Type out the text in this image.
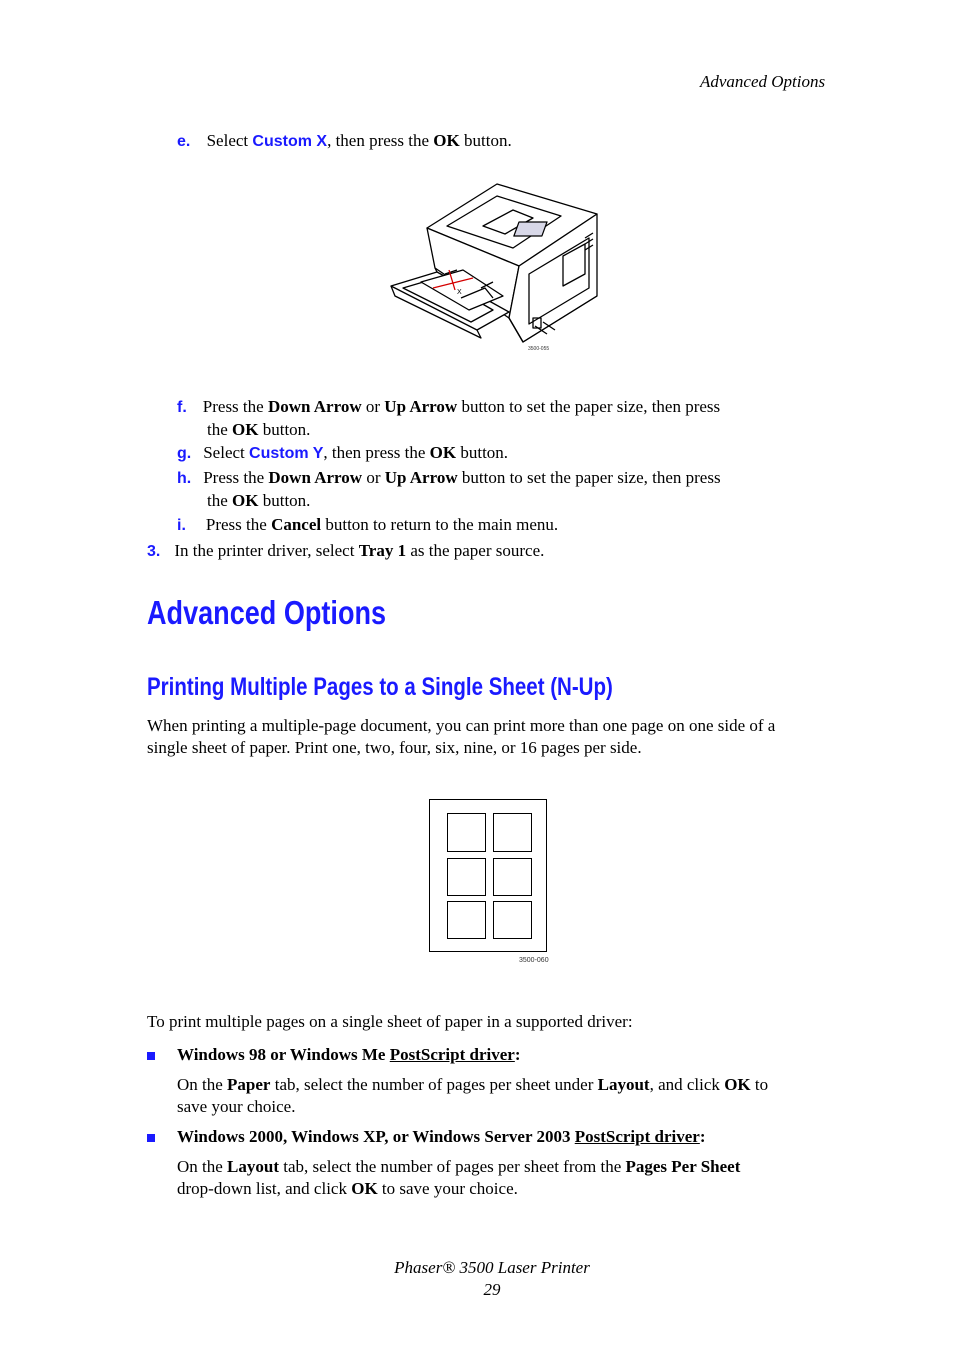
Advanced Options
e. Select Custom X, then press the OK button.
X
3500-055
f. Press the Down Arrow or Up Arrow button to set the paper size, then press
the OK button.
g. Select Custom Y, then press the OK button.
h. Press the Down Arrow or Up Arrow button to set the paper size, then press
the OK button.
i. Press the Cancel button to return to the main menu.
3. In the printer driver, select Tray 1 as the paper source.
Advanced Options
Printing Multiple Pages to a Single Sheet (N-Up)
When printing a multiple-page document, you can print more than one page on one side of a
single sheet of paper. Print one, two, four, six, nine, or 16 pages per side.
3500-060
To print multiple pages on a single sheet of paper in a supported driver:
Windows 98 or Windows Me PostScript driver:
On the Paper tab, select the number of pages per sheet under Layout, and click OK to
save your choice.
Windows 2000, Windows XP, or Windows Server 2003 PostScript driver:
On the Layout tab, select the number of pages per sheet from the Pages Per Sheet
drop-down list, and click OK to save your choice.
Phaser® 3500 Laser Printer
29
